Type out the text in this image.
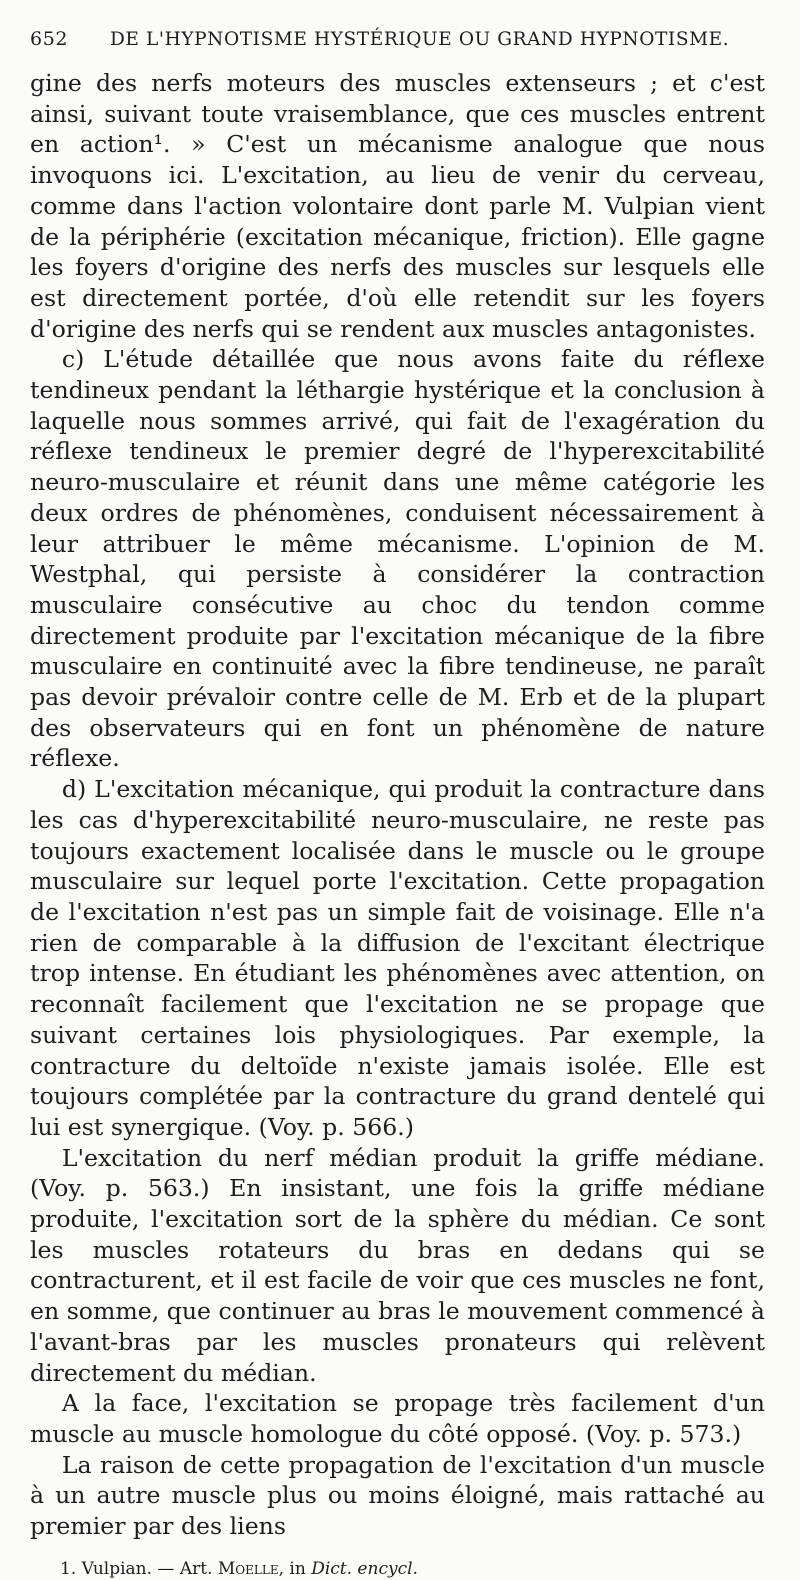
652	DE L'HYPNOTISME HYSTÉRIQUE OU GRAND HYPNOTISME.

gine des nerfs moteurs des muscles extenseurs ; et c'est ainsi, suivant toute vraisemblance, que ces muscles entrent en action¹. » C'est un mécanisme analogue que nous invoquons ici. L'excitation, au lieu de venir du cerveau, comme dans l'action volontaire dont parle M. Vulpian vient de la périphérie (excitation mécanique, friction). Elle gagne les foyers d'origine des nerfs des muscles sur lesquels elle est directement portée, d'où elle retendit sur les foyers d'origine des nerfs qui se rendent aux muscles antagonistes.

c) L'étude détaillée que nous avons faite du réflexe tendineux pendant la léthargie hystérique et la conclusion à laquelle nous sommes arrivé, qui fait de l'exagération du réflexe tendineux le premier degré de l'hyperexcitabilité neuro-musculaire et réunit dans une même catégorie les deux ordres de phénomènes, conduisent nécessairement à leur attribuer le même mécanisme. L'opinion de M. Westphal, qui persiste à considérer la contraction musculaire consécutive au choc du tendon comme directement produite par l'excitation mécanique de la fibre musculaire en continuité avec la fibre tendineuse, ne paraît pas devoir prévaloir contre celle de M. Erb et de la plupart des observateurs qui en font un phénomène de nature réflexe.

d) L'excitation mécanique, qui produit la contracture dans les cas d'hyperexcitabilité neuro-musculaire, ne reste pas toujours exactement localisée dans le muscle ou le groupe musculaire sur lequel porte l'excitation. Cette propagation de l'excitation n'est pas un simple fait de voisinage. Elle n'a rien de comparable à la diffusion de l'excitant électrique trop intense. En étudiant les phénomènes avec attention, on reconnaît facilement que l'excitation ne se propage que suivant certaines lois physiologiques. Par exemple, la contracture du deltoïde n'existe jamais isolée. Elle est toujours complétée par la contracture du grand dentelé qui lui est synergique. (Voy. p. 566.)

L'excitation du nerf médian produit la griffe médiane. (Voy. p. 563.) En insistant, une fois la griffe médiane produite, l'excitation sort de la sphère du médian. Ce sont les muscles rotateurs du bras en dedans qui se contracturent, et il est facile de voir que ces muscles ne font, en somme, que continuer au bras le mouvement commencé à l'avant-bras par les muscles pronateurs qui relèvent directement du médian.

A la face, l'excitation se propage très facilement d'un muscle au muscle homologue du côté opposé. (Voy. p. 573.)

La raison de cette propagation de l'excitation d'un muscle à un autre muscle plus ou moins éloigné, mais rattaché au premier par des liens

1. Vulpian. — Art. Moelle, in Dict. encycl.
